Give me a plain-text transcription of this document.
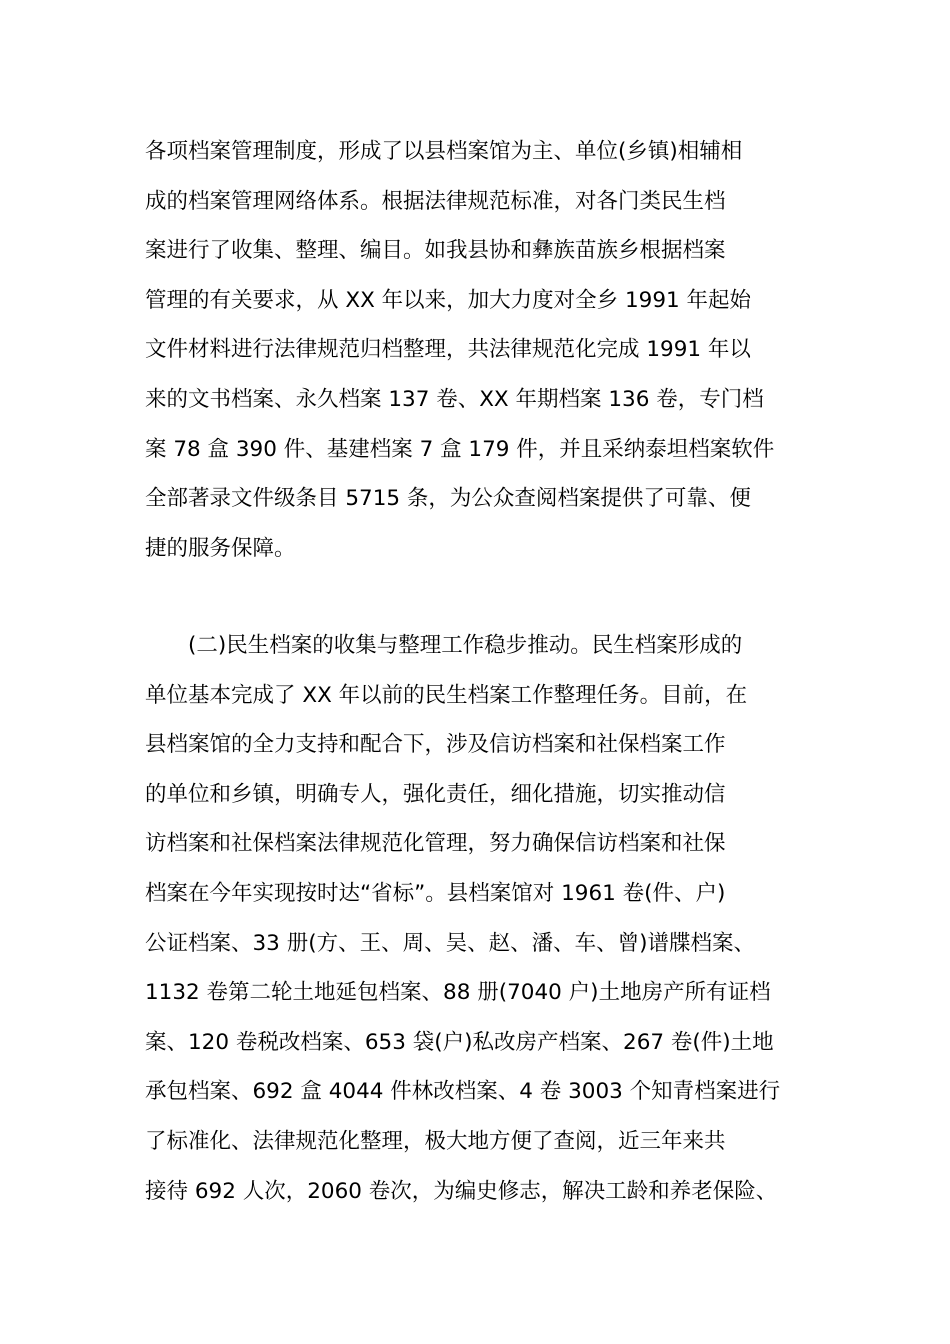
各项档案管理制度，形成了以县档案馆为主、单位(乡镇)相辅相
成的档案管理网络体系。根据法律规范标准，对各门类民生档
案进行了收集、整理、编目。如我县协和彝族苗族乡根据档案
管理的有关要求，从 XX 年以来，加大力度对全乡 1991 年起始
文件材料进行法律规范归档整理，共法律规范化完成 1991 年以
来的文书档案、永久档案 137 卷、XX 年期档案 136 卷，专门档
案 78 盒 390 件、基建档案 7 盒 179 件，并且采纳泰坦档案软件
全部著录文件级条目 5715 条，为公众查阅档案提供了可靠、便
捷的服务保障。
(二)民生档案的收集与整理工作稳步推动。民生档案形成的
单位基本完成了 XX 年以前的民生档案工作整理任务。目前，在
县档案馆的全力支持和配合下，涉及信访档案和社保档案工作
的单位和乡镇，明确专人，强化责任，细化措施，切实推动信
访档案和社保档案法律规范化管理，努力确保信访档案和社保
档案在今年实现按时达“省标”。县档案馆对 1961 卷(件、户)
公证档案、33 册(方、王、周、吴、赵、潘、车、曾)谱牒档案、
1132 卷第二轮土地延包档案、88 册(7040 户)土地房产所有证档
案、120 卷税改档案、653 袋(户)私改房产档案、267 卷(件)土地
承包档案、692 盒 4044 件林改档案、4 卷 3003 个知青档案进行
了标准化、法律规范化整理，极大地方便了查阅，近三年来共
接待 692 人次，2060 卷次，为编史修志，解决工龄和养老保险、
